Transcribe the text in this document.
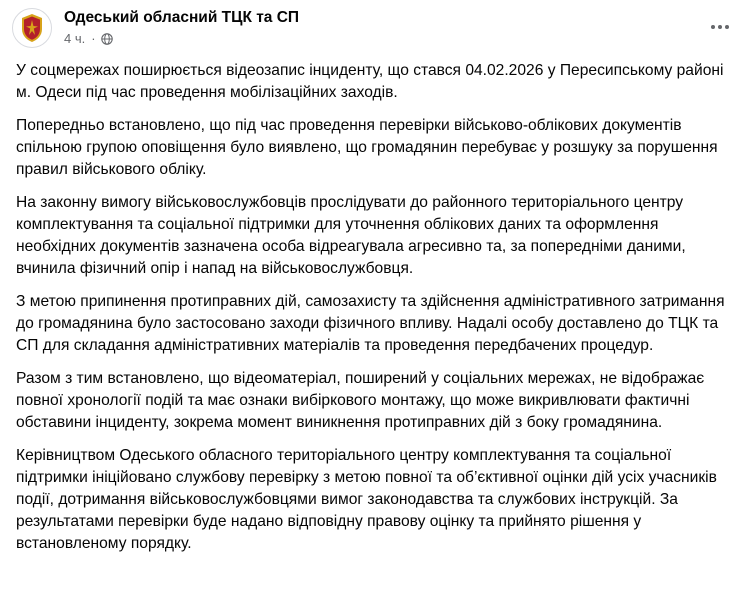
Одеський обласний ТЦК та СП
4 ч. ·

У соцмережах поширюється відеозапис інциденту, що стався 04.02.2026 у Пересипському районі м. Одеси під час проведення мобілізаційних заходів.

Попередньо встановлено, що під час проведення перевірки військово-облікових документів спільною групою оповіщення було виявлено, що громадянин перебуває у розшуку за порушення правил військового обліку.

На законну вимогу військовослужбовців прослідувати до районного територіального центру комплектування та соціальної підтримки для уточнення облікових даних та оформлення необхідних документів зазначена особа відреагувала агресивно та, за попередніми даними, вчинила фізичний опір і напад на військовослужбовця.

З метою припинення протиправних дій, самозахисту та здійснення адміністративного затримання до громадянина було застосовано заходи фізичного впливу. Надалі особу доставлено до ТЦК та СП для складання адміністративних матеріалів та проведення передбачених процедур.

Разом з тим встановлено, що відеоматеріал, поширений у соціальних мережах, не відображає повної хронології подій та має ознаки вибіркового монтажу, що може викривлювати фактичні обставини інциденту, зокрема момент виникнення протиправних дій з боку громадянина.

Керівництвом Одеського обласного територіального центру комплектування та соціальної підтримки ініційовано службову перевірку з метою повної та об’єктивної оцінки дій усіх учасників події, дотримання військовослужбовцями вимог законодавства та службових інструкцій. За результатами перевірки буде надано відповідну правову оцінку та прийнято рішення у встановленому порядку.
